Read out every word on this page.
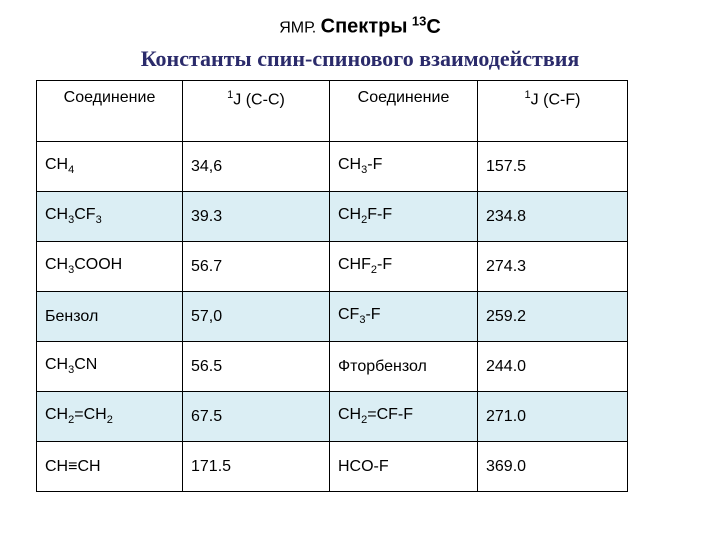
ЯМР. Спектры $^{13}$C
Константы спин-спинового взаимодействия
Соединение	$^1$J (C-C)	Соединение	$^1$J (C-F)
$CH_4$	34,6	$CH_3-F$	157.5
$CH_3CF_3$	39.3	$CH_2F-F$	234.8
$CH_3COOH$	56.7	$CHF_2-F$	274.3
Бензол	57,0	$CF_3-F$	259.2
$CH_3CN$	56.5	Фторбензол	244.0
$CH_2=CH_2$	67.5	$CH_2=CF-F$	271.0
CH≡CH	171.5	HCO-F	369.0
